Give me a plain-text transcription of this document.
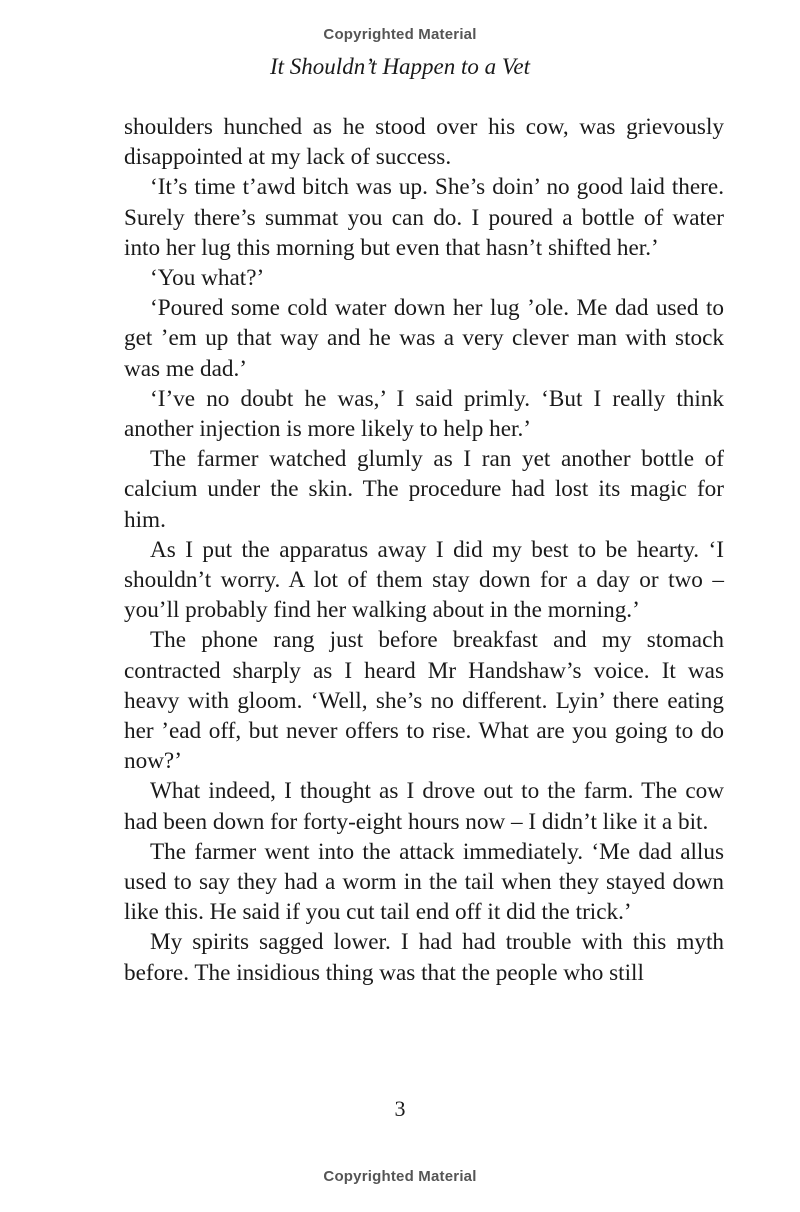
Copyrighted Material
It Shouldn’t Happen to a Vet

shoulders hunched as he stood over his cow, was grievously disappointed at my lack of success.

‘It’s time t’awd bitch was up. She’s doin’ no good laid there. Surely there’s summat you can do. I poured a bottle of water into her lug this morning but even that hasn’t shifted her.’

‘You what?’

‘Poured some cold water down her lug ’ole. Me dad used to get ’em up that way and he was a very clever man with stock was me dad.’

‘I’ve no doubt he was,’ I said primly. ‘But I really think another injection is more likely to help her.’

The farmer watched glumly as I ran yet another bottle of calcium under the skin. The procedure had lost its magic for him.

As I put the apparatus away I did my best to be hearty. ‘I shouldn’t worry. A lot of them stay down for a day or two – you’ll probably find her walking about in the morning.’

The phone rang just before breakfast and my stomach contracted sharply as I heard Mr Handshaw’s voice. It was heavy with gloom. ‘Well, she’s no different. Lyin’ there eating her ’ead off, but never offers to rise. What are you going to do now?’

What indeed, I thought as I drove out to the farm. The cow had been down for forty-eight hours now – I didn’t like it a bit.

The farmer went into the attack immediately. ‘Me dad allus used to say they had a worm in the tail when they stayed down like this. He said if you cut tail end off it did the trick.’

My spirits sagged lower. I had had trouble with this myth before. The insidious thing was that the people who still

3
Copyrighted Material
